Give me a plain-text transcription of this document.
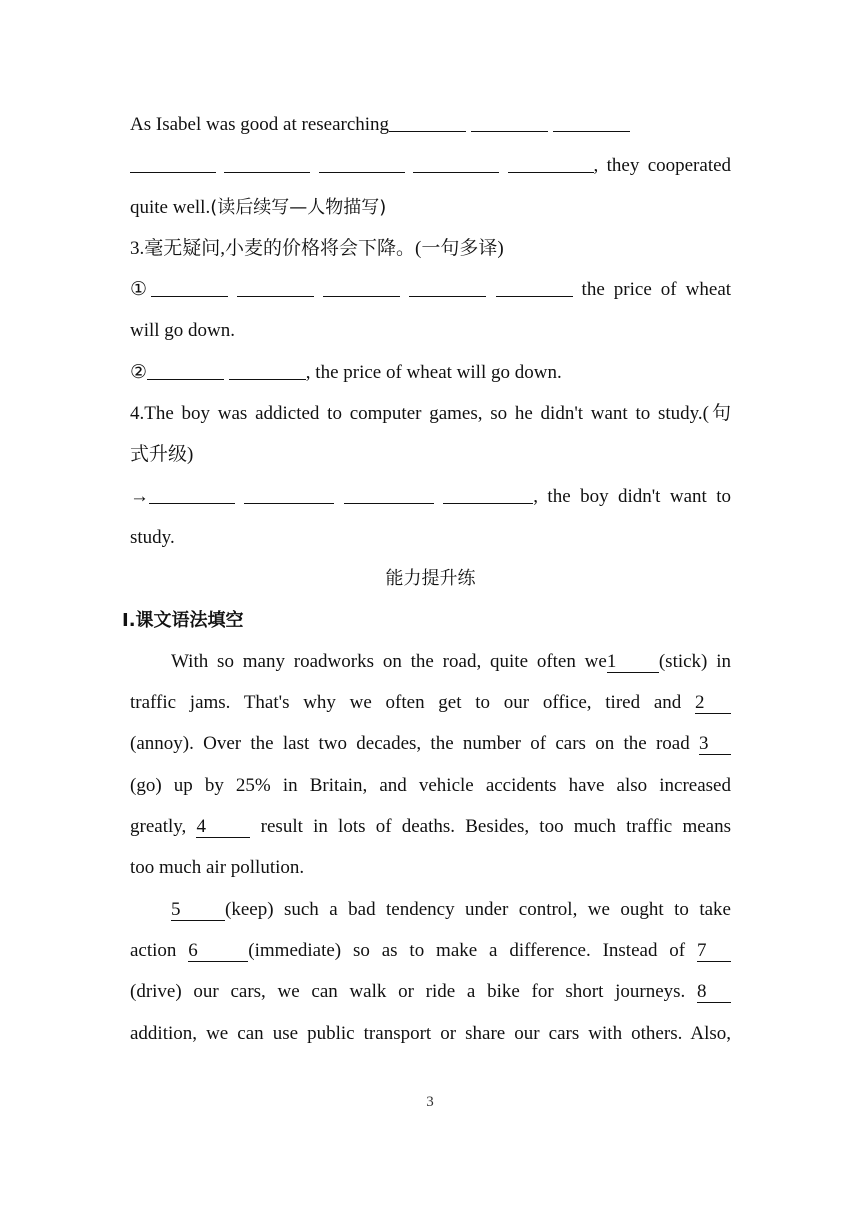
As Isabel was good at researching
, they cooperated
quite well.(读后续写—人物描写)
3.毫无疑问,小麦的价格将会下降。(一句多译)
①	the price of wheat
will go down.
②	, the price of wheat will go down.
4.The boy was addicted to computer games, so he didn't want to study.(句
式升级)
→	, the boy didn't want to
study.
能力提升练
Ⅰ.课文语法填空
With so many roadworks on the road, quite often we1 (stick) in
traffic jams. That's why we often get to our office, tired and 2
(annoy). Over the last two decades, the number of cars on the road 3
(go) up by 25% in Britain, and vehicle accidents have also increased
greatly, 4 result in lots of deaths. Besides, too much traffic means
too much air pollution.
5 (keep) such a bad tendency under control, we ought to take
action 6	(immediate) so as to make a difference. Instead of 7
(drive) our cars, we can walk or ride a bike for short journeys. 8
addition, we can use public transport or share our cars with others. Also,
3
